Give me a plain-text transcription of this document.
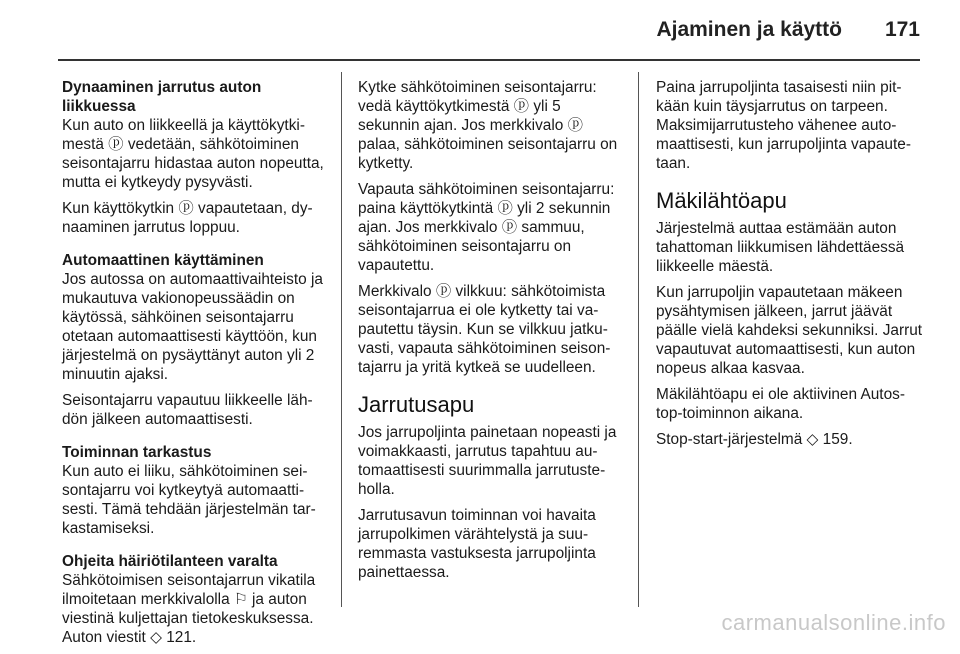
Ajaminen ja käyttö 171

Dynaaminen jarrutus auton liikkuessa

Kun auto on liikkeellä ja käyttökytkimestä ⓟ vedetään, sähkötoiminen seisontajarru hidastaa auton nopeutta, mutta ei kytkeydy pysyvästi.

Kun käyttökytkin ⓟ vapautetaan, dynaaminen jarrutus loppuu.

Automaattinen käyttäminen

Jos autossa on automaattivaihteisto ja mukautuva vakionopeussäädin on käytössä, sähköinen seisontajarru otetaan automaattisesti käyttöön, kun järjestelmä on pysäyttänyt auton yli 2 minuutin ajaksi.

Seisontajarru vapautuu liikkeelle lähdön jälkeen automaattisesti.

Toiminnan tarkastus

Kun auto ei liiku, sähkötoiminen seisontajarru voi kytkeytyä automaattisesti. Tämä tehdään järjestelmän tarkastamiseksi.

Ohjeita häiriötilanteen varalta

Sähkötoimisen seisontajarrun vikatila ilmoitetaan merkkivalolla ⚐ ja auton viestinä kuljettajan tietokeskuksessa. Auton viestit ◇ 121.

Kytke sähkötoiminen seisontajarru: vedä käyttökytkimestä ⓟ yli 5 sekunnin ajan. Jos merkkivalo ⓟ palaa, sähkötoiminen seisontajarru on kytketty.

Vapauta sähkötoiminen seisontajarru: paina käyttökytkintä ⓟ yli 2 sekunnin ajan. Jos merkkivalo ⓟ sammuu, sähkötoiminen seisontajarru on vapautettu.

Merkkivalo ⓟ vilkkuu: sähkötoimista seisontajarrua ei ole kytketty tai vapautettu täysin. Kun se vilkkuu jatkuvasti, vapauta sähkötoiminen seisontajarru ja yritä kytkeä se uudelleen.

Jarrutusapu

Jos jarrupoljinta painetaan nopeasti ja voimakkaasti, jarrutus tapahtuu automaattisesti suurimmalla jarrutusteholla.

Jarrutusavun toiminnan voi havaita jarrupolkimen värähtelystä ja suuremmasta vastuksesta jarrupoljinta painettaessa.

Paina jarrupoljinta tasaisesti niin pitkään kuin täysjarrutus on tarpeen. Maksimijarrutusteho vähenee automaattisesti, kun jarrupoljinta vapautetaan.

Mäkilähtöapu

Järjestelmä auttaa estämään auton tahattoman liikkumisen lähdettäessä liikkeelle mäestä.

Kun jarrupoljin vapautetaan mäkeen pysähtymisen jälkeen, jarrut jäävät päälle vielä kahdeksi sekunniksi. Jarrut vapautuvat automaattisesti, kun auton nopeus alkaa kasvaa.

Mäkilähtöapu ei ole aktiivinen Autostop-toiminnon aikana.

Stop-start-järjestelmä ◇ 159.

carmanualsonline.info
